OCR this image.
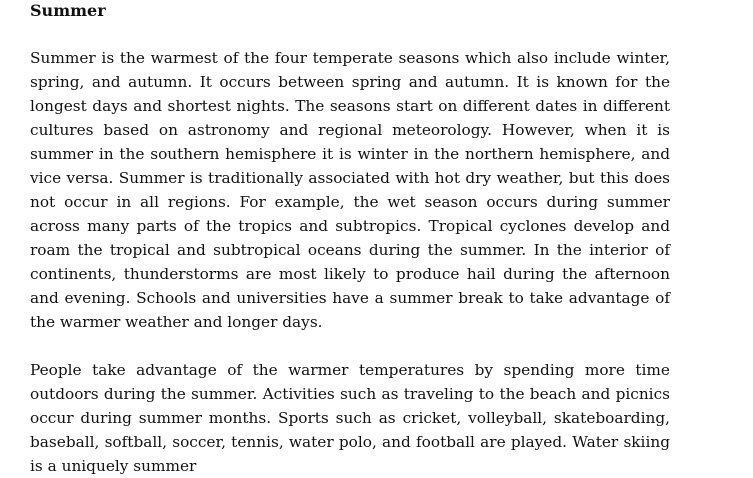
Summer

Summer is the warmest of the four temperate seasons which also include winter, spring, and autumn. It occurs between spring and autumn. It is known for the longest days and shortest nights. The seasons start on different dates in different cultures based on astronomy and regional meteorology. However, when it is summer in the southern hemisphere it is winter in the northern hemisphere, and vice versa. Summer is traditionally associated with hot dry weather, but this does not occur in all regions. For example, the wet season occurs during summer across many parts of the tropics and subtropics. Tropical cyclones develop and roam the tropical and subtropical oceans during the summer. In the interior of continents, thunderstorms are most likely to produce hail during the afternoon and evening. Schools and universities have a summer break to take advantage of the warmer weather and longer days.

People take advantage of the warmer temperatures by spending more time outdoors during the summer. Activities such as traveling to the beach and picnics occur during summer months. Sports such as cricket, volleyball, skateboarding, baseball, softball, soccer, tennis, water polo, and football are played. Water skiing is a uniquely summer
